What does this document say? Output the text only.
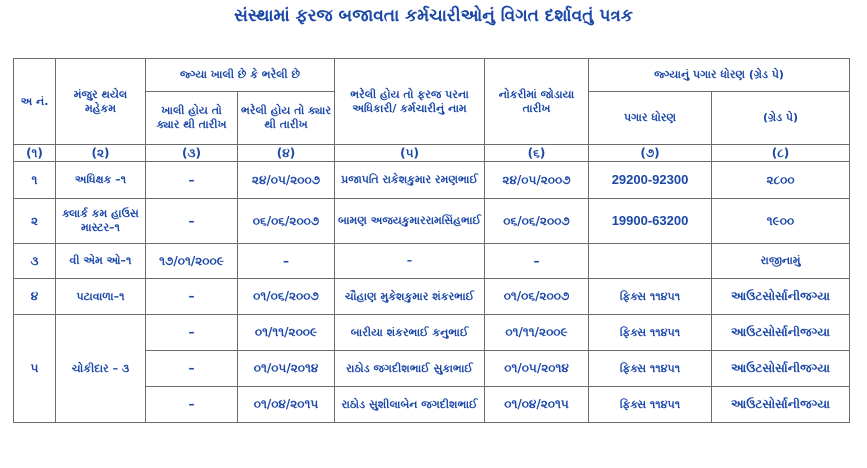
સંસ્થામાં ફરજ બજાવતા કર્મચારીઓનું વિગત દર્શાવતું પત્રક
અ નં.	મંજુર થયેલ મહેકમ	જ્ગ્યા ખાલી છે કે ભરેલી છે		ભરેલી હોય તો ફરજ પરના અધિકારી/ કર્મચારીનું નામ	નોકરીમાં જોડાયા તારીખ	જ્ગ્યાનું પગાર ધોરણ (ગ્રેડ પે)	
		ખાલી હોય તો ક્યાર થી તારીખ	ભરેલી હોય તો ક્યાર થી તારીખ			પગાર ધોરણ	(ગ્રેડ પે)
(૧)	(૨)	(૩)	(૪)	(૫)	(૬)	(૭)	(૮)
૧	અધિક્ષક –૧	–	૨૪/૦૫/૨૦૦૭	પ્રજાપતિ રાકેશકુમાર રમણભાઈ	૨૪/૦૫/૨૦૦૭	29200-92300	૨૮૦૦
૨	ક્લાર્ક કમ હાઉસ માસ્ટર–૧	–	૦૬/૦૬/૨૦૦૭	બામણ અજયકુમારરામસિંહભાઈ	૦૬/૦૬/૨૦૦૭	19900-63200	૧૯૦૦
૩	વી એમ ઓ–૧	૧૭/૦૧/૨૦૦૯	–	–	–		રાજીનામું
૪	પટાવાળા–૧	–	૦૧/૦૬/૨૦૦૭	ચૌહાણ મુકેશકુમાર શંકરભાઈ	૦૧/૦૬/૨૦૦૭	ફિક્સ ૧૧૪૫૧	આઉટસોર્સાનીજગ્યા
૫	ચોકીદાર – ૩	–	૦૧/૧૧/૨૦૦૯	બારીયા શંકરભાઈ કનુભાઈ	૦૧/૧૧/૨૦૦૯	ફિક્સ ૧૧૪૫૧	આઉટસોર્સાનીજગ્યા
		–	૦૧/૦૫/૨૦૧૪	રાઠોડ જગદીશભાઈ સુકાભાઈ	૦૧/૦૫/૨૦૧૪	ફિક્સ ૧૧૪૫૧	આઉટસોર્સાનીજગ્યા
		–	૦૧/૦૪/૨૦૧૫	રાઠોડ સુશીલાબેન જગદીશભાઈ	૦૧/૦૪/૨૦૧૫	ફિક્સ ૧૧૪૫૧	આઉટસોર્સાનીજગ્યા
